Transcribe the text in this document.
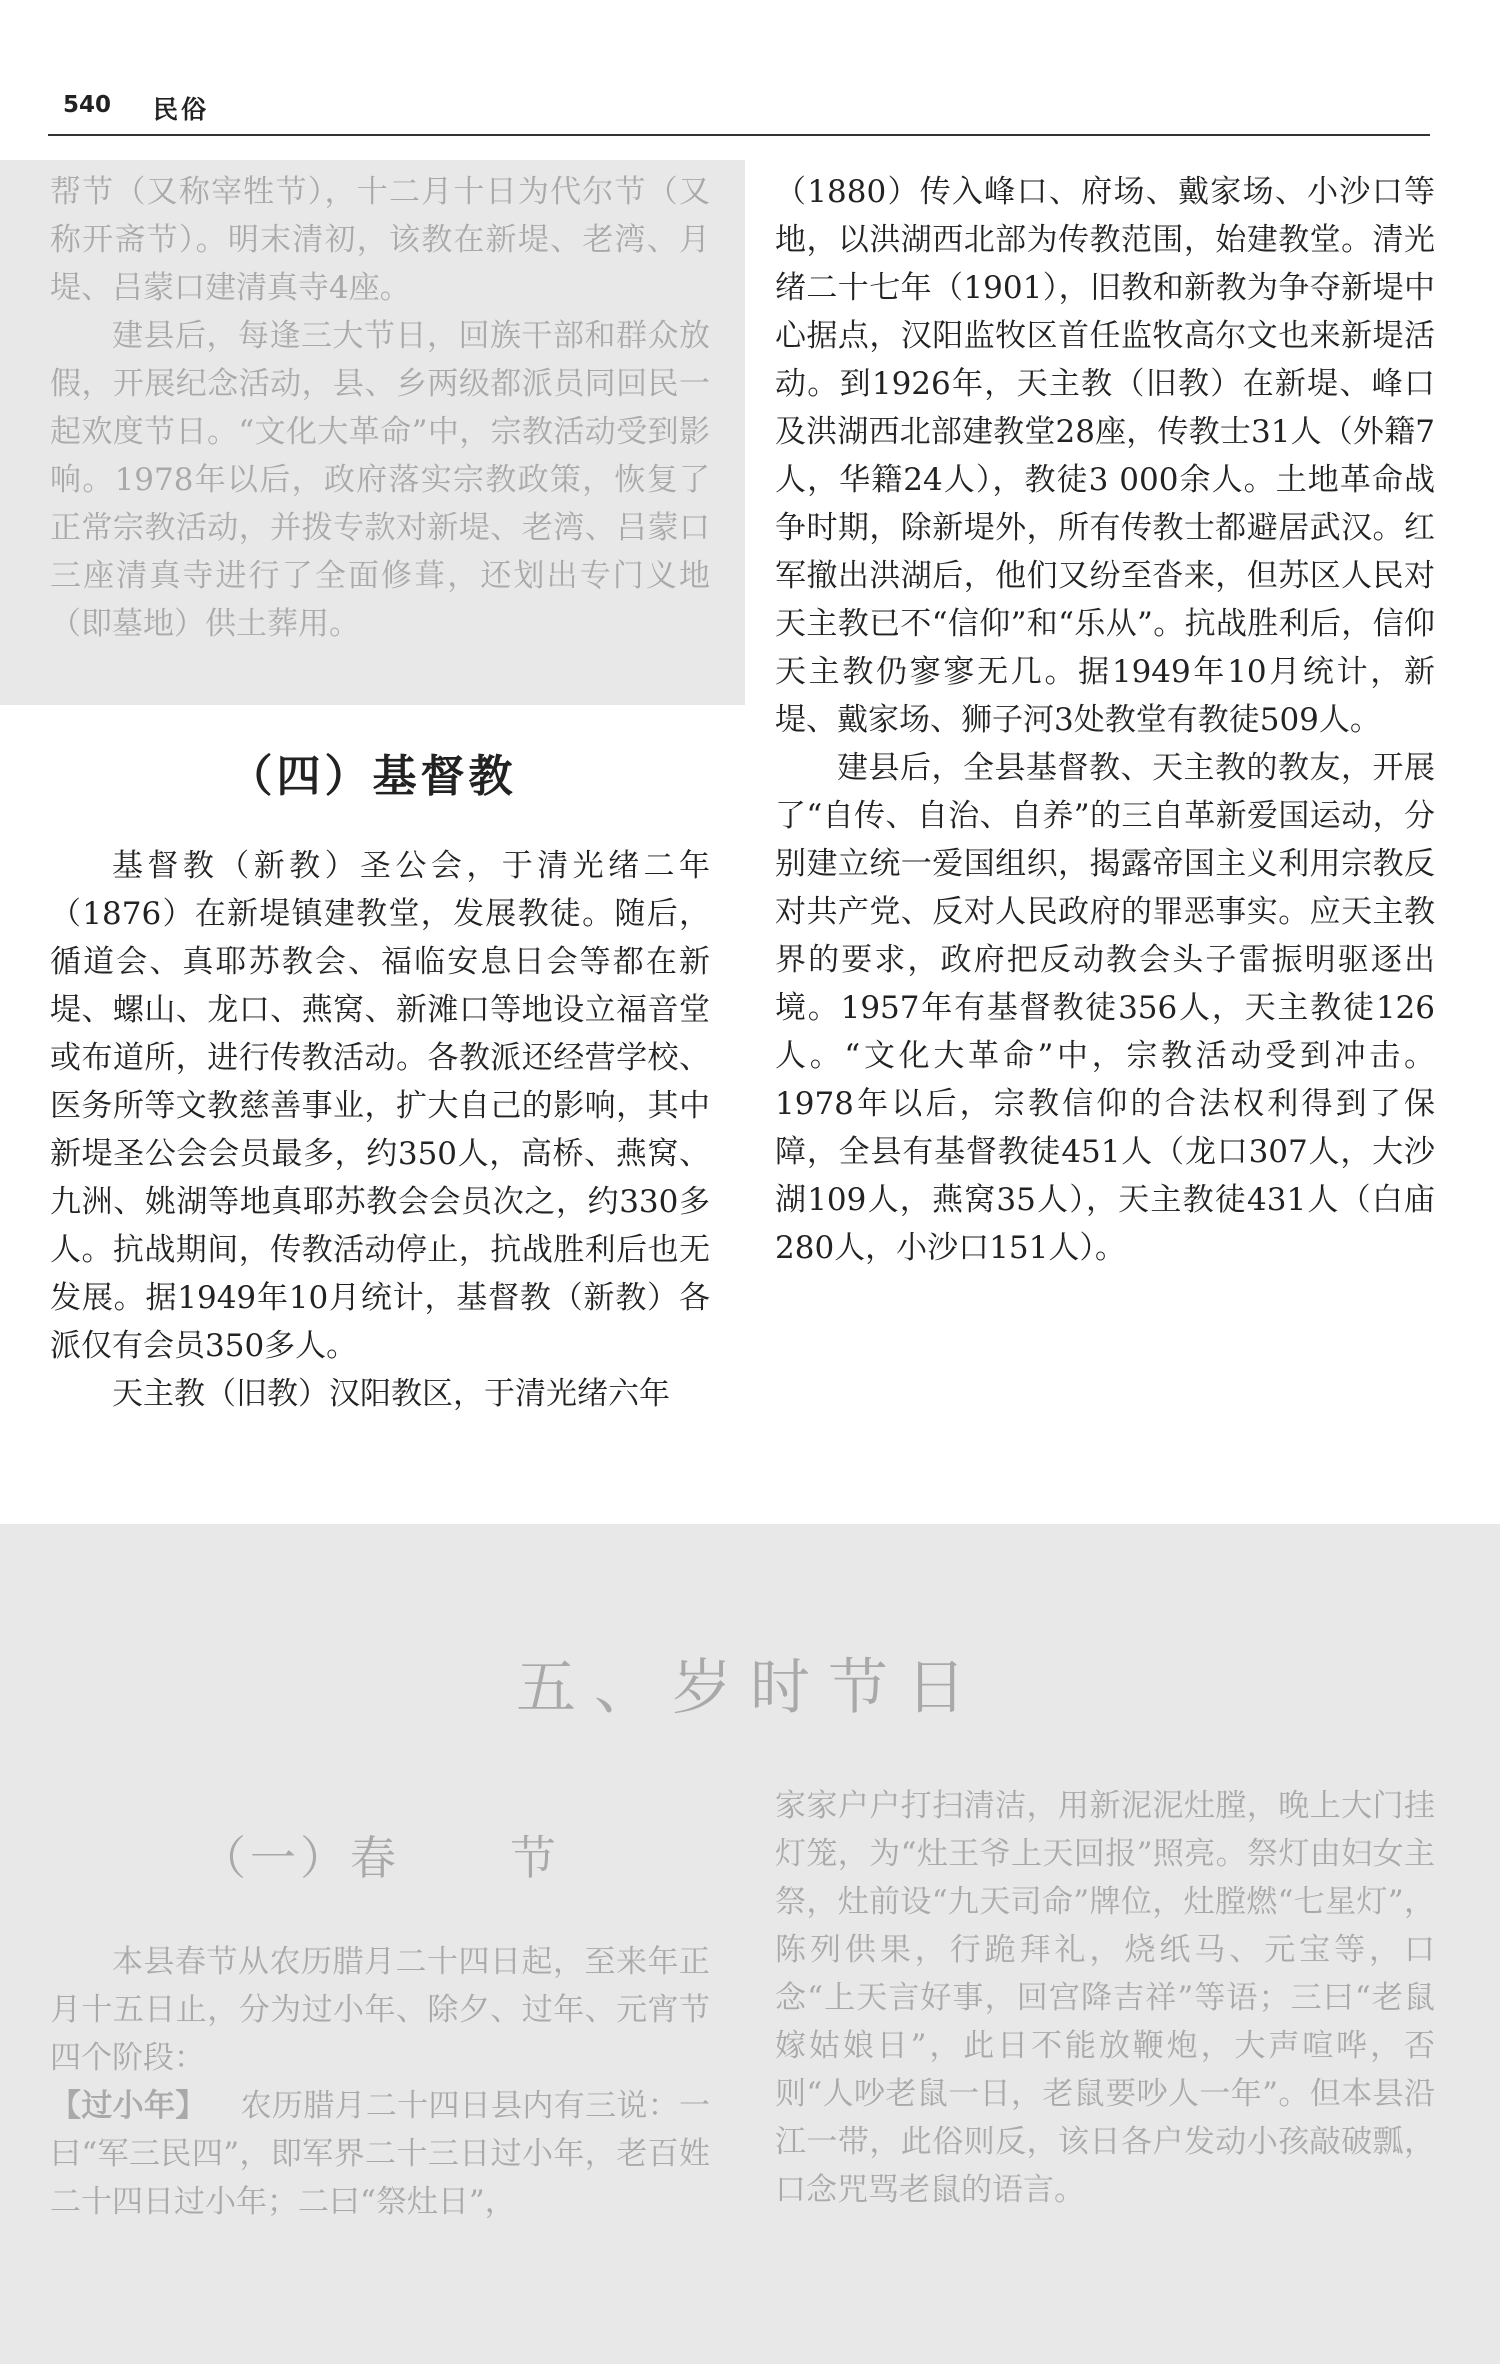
540 民俗

帮节（又称宰牲节），十二月十日为代尔节（又称开斋节）。明末清初，该教在新堤、老湾、月堤、吕蒙口建清真寺4座。

建县后，每逢三大节日，回族干部和群众放假，开展纪念活动，县、乡两级都派员同回民一起欢度节日。“文化大革命”中，宗教活动受到影响。1978年以后，政府落实宗教政策，恢复了正常宗教活动，并拨专款对新堤、老湾、吕蒙口三座清真寺进行了全面修葺，还划出专门义地（即墓地）供土葬用。

（四）基督教

基督教（新教）圣公会，于清光绪二年（1876）在新堤镇建教堂，发展教徒。随后，循道会、真耶苏教会、福临安息日会等都在新堤、螺山、龙口、燕窝、新滩口等地设立福音堂或布道所，进行传教活动。各教派还经营学校、医务所等文教慈善事业，扩大自己的影响，其中新堤圣公会会员最多，约350人，高桥、燕窝、九洲、姚湖等地真耶苏教会会员次之，约330多人。抗战期间，传教活动停止，抗战胜利后也无发展。据1949年10月统计，基督教（新教）各派仅有会员350多人。

天主教（旧教）汉阳教区，于清光绪六年

（1880）传入峰口、府场、戴家场、小沙口等地，以洪湖西北部为传教范围，始建教堂。清光绪二十七年（1901），旧教和新教为争夺新堤中心据点，汉阳监牧区首任监牧高尔文也来新堤活动。到1926年，天主教（旧教）在新堤、峰口及洪湖西北部建教堂28座，传教士31人（外籍7人，华籍24人），教徒3 000余人。土地革命战争时期，除新堤外，所有传教士都避居武汉。红军撤出洪湖后，他们又纷至沓来，但苏区人民对天主教已不“信仰”和“乐从”。抗战胜利后，信仰天主教仍寥寥无几。据1949年10月统计，新堤、戴家场、狮子河3处教堂有教徒509人。

建县后，全县基督教、天主教的教友，开展了“自传、自治、自养”的三自革新爱国运动，分别建立统一爱国组织，揭露帝国主义利用宗教反对共产党、反对人民政府的罪恶事实。应天主教界的要求，政府把反动教会头子雷振明驱逐出境。1957年有基督教徒356人，天主教徒126人。“文化大革命”中，宗教活动受到冲击。1978年以后，宗教信仰的合法权利得到了保障，全县有基督教徒451人（龙口307人，大沙湖109人，燕窝35人），天主教徒431人（白庙280人，小沙口151人）。

五、岁时节日
（一）春 节

本县春节从农历腊月二十四日起，至来年正月十五日止，分为过小年、除夕、过年、元宵节四个阶段：

【过小年】 农历腊月二十四日县内有三说：一曰“军三民四”，即军界二十三日过小年，老百姓二十四日过小年；二曰“祭灶日”，

家家户户打扫清洁，用新泥泥灶膛，晚上大门挂灯笼，为“灶王爷上天回报”照亮。祭灯由妇女主祭，灶前设“九天司命”牌位，灶膛燃“七星灯”，陈列供果，行跪拜礼，烧纸马、元宝等，口念“上天言好事，回宫降吉祥”等语；三曰“老鼠嫁姑娘日”，此日不能放鞭炮，大声喧哗，否则“人吵老鼠一日，老鼠要吵人一年”。但本县沿江一带，此俗则反，该日各户发动小孩敲破瓢，口念咒骂老鼠的语言。
